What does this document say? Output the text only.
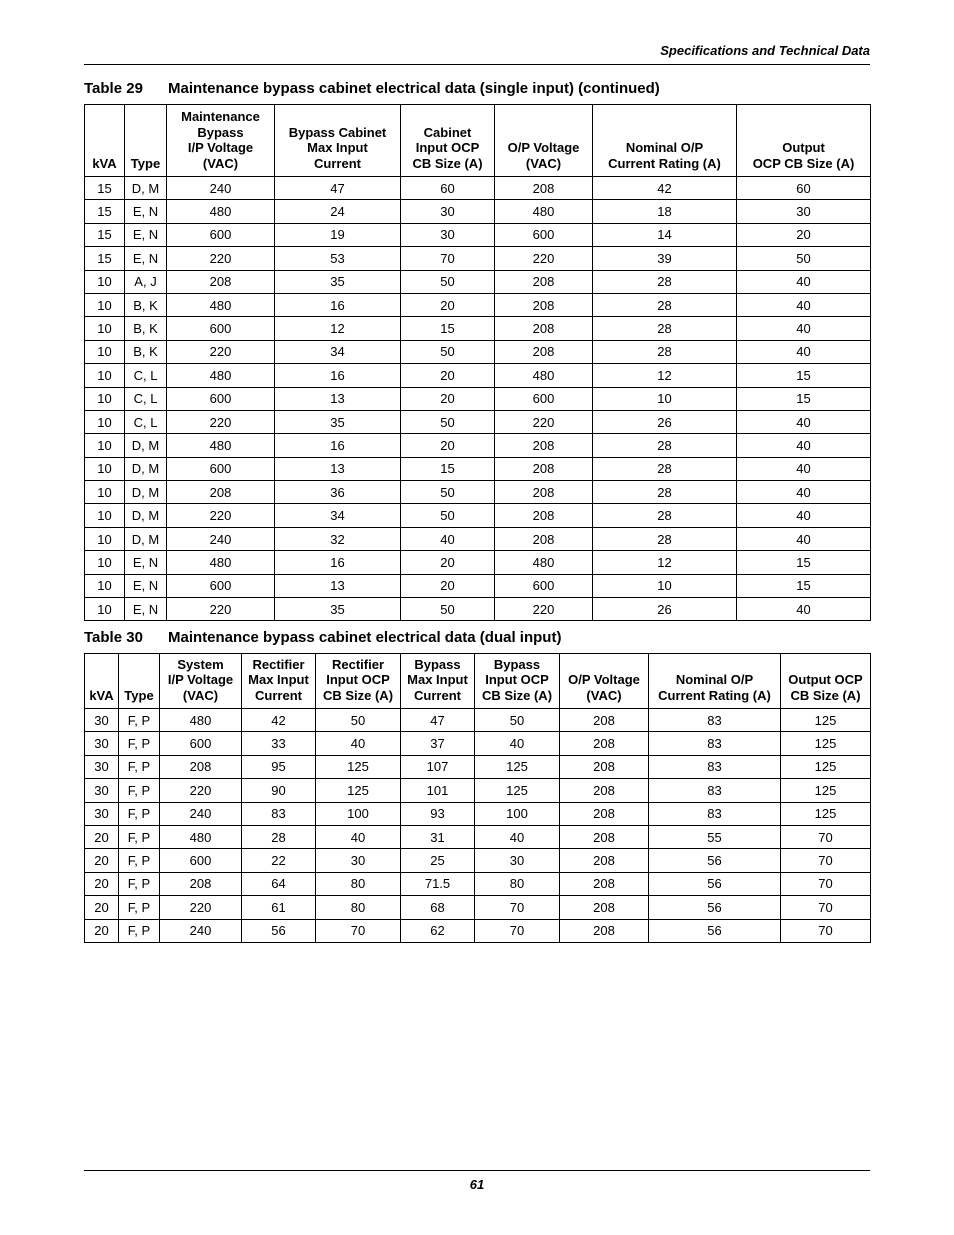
Specifications and Technical Data
Table 29 Maintenance bypass cabinet electrical data (single input) (continued)
kVA	Type	Maintenance
Bypass
I/P Voltage
(VAC)	Bypass Cabinet
Max Input
Current	Cabinet
Input OCP
CB Size (A)	O/P Voltage
(VAC)	Nominal O/P
Current Rating (A)	Output
OCP CB Size (A)
15	D, M	240	47	60	208	42	60
15	E, N	480	24	30	480	18	30
15	E, N	600	19	30	600	14	20
15	E, N	220	53	70	220	39	50
10	A, J	208	35	50	208	28	40
10	B, K	480	16	20	208	28	40
10	B, K	600	12	15	208	28	40
10	B, K	220	34	50	208	28	40
10	C, L	480	16	20	480	12	15
10	C, L	600	13	20	600	10	15
10	C, L	220	35	50	220	26	40
10	D, M	480	16	20	208	28	40
10	D, M	600	13	15	208	28	40
10	D, M	208	36	50	208	28	40
10	D, M	220	34	50	208	28	40
10	D, M	240	32	40	208	28	40
10	E, N	480	16	20	480	12	15
10	E, N	600	13	20	600	10	15
10	E, N	220	35	50	220	26	40
Table 30 Maintenance bypass cabinet electrical data (dual input)
kVA	Type	System
I/P Voltage
(VAC)	Rectifier
Max Input
Current	Rectifier
Input OCP
CB Size (A)	Bypass
Max Input
Current	Bypass
Input OCP
CB Size (A)	O/P Voltage
(VAC)	Nominal O/P
Current Rating (A)	Output OCP
CB Size (A)
30	F, P	480	42	50	47	50	208	83	125
30	F, P	600	33	40	37	40	208	83	125
30	F, P	208	95	125	107	125	208	83	125
30	F, P	220	90	125	101	125	208	83	125
30	F, P	240	83	100	93	100	208	83	125
20	F, P	480	28	40	31	40	208	55	70
20	F, P	600	22	30	25	30	208	56	70
20	F, P	208	64	80	71.5	80	208	56	70
20	F, P	220	61	80	68	70	208	56	70
20	F, P	240	56	70	62	70	208	56	70
61
